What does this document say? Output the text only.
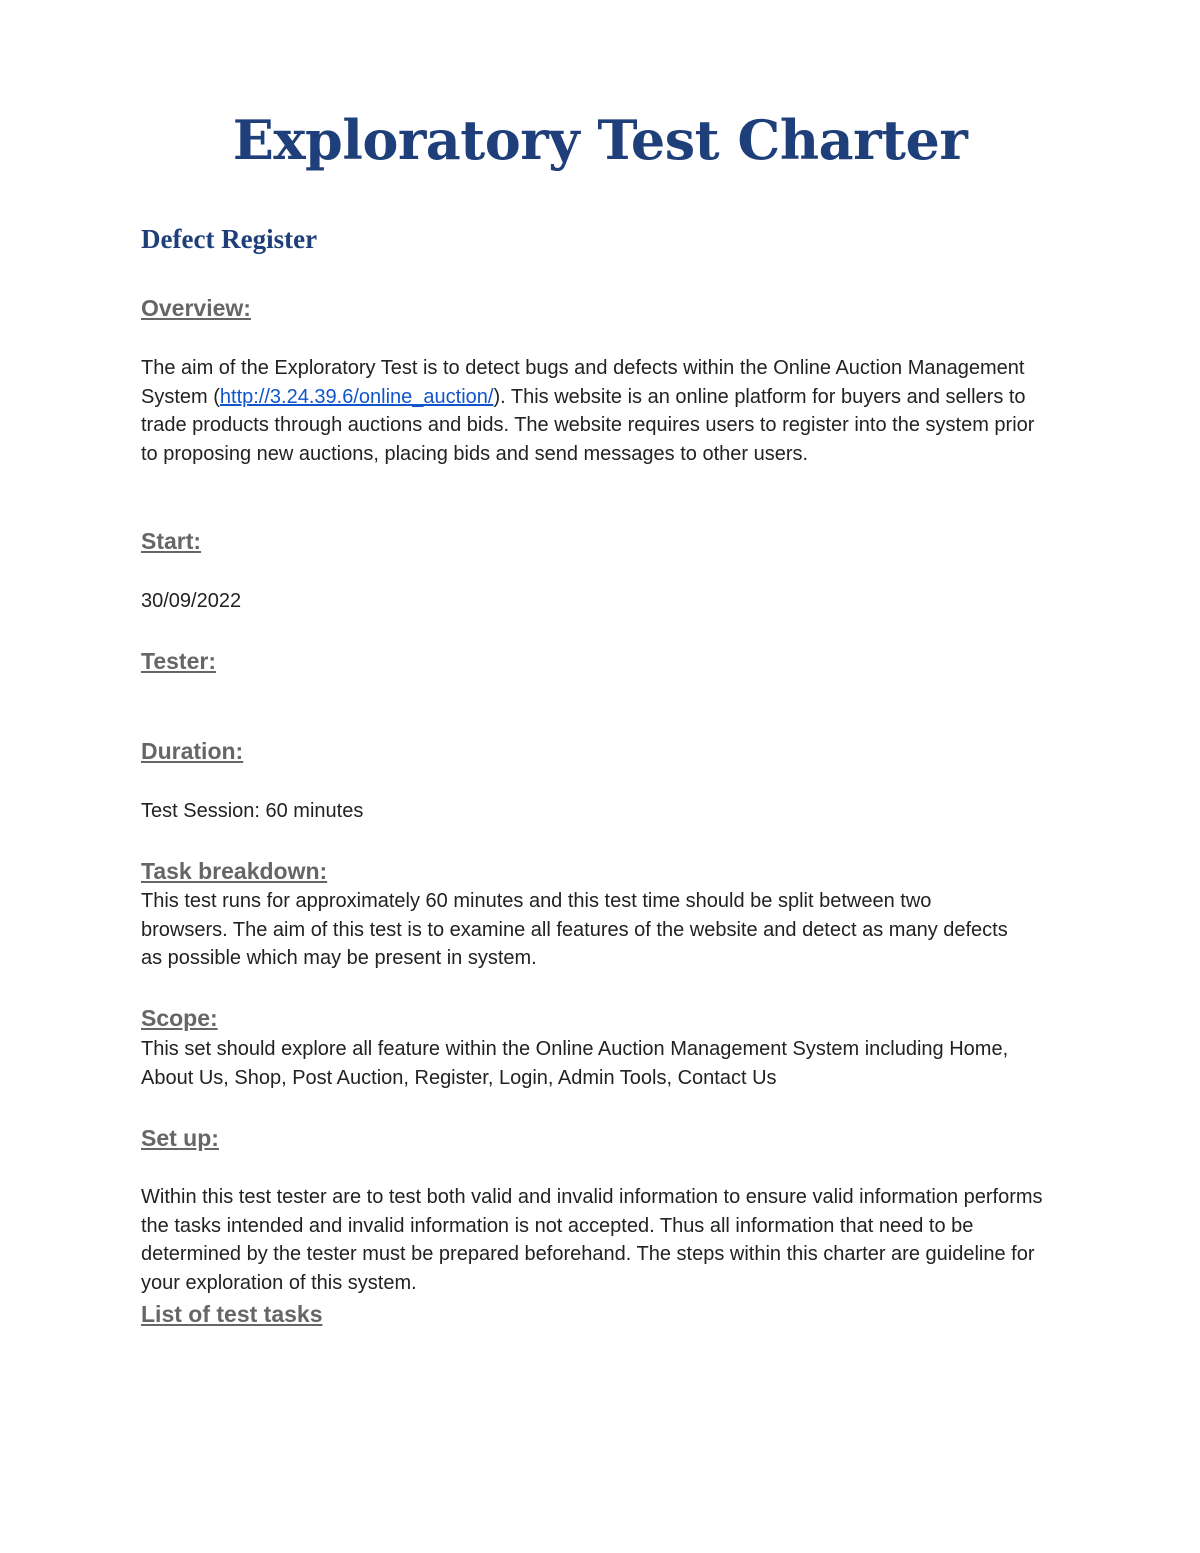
Exploratory Test Charter
Defect Register
Overview:

The aim of the Exploratory Test is to detect bugs and defects within the Online Auction Management System (http://3.24.39.6/online_auction/). This website is an online platform for buyers and sellers to trade products through auctions and bids. The website requires users to register into the system prior to proposing new auctions, placing bids and send messages to other users.

Start:

30/09/2022

Tester:

Duration:

Test Session: 60 minutes

Task breakdown:

This test runs for approximately 60 minutes and this test time should be split between two browsers. The aim of this test is to examine all features of the website and detect as many defects as possible which may be present in system.

Scope:

This set should explore all feature within the Online Auction Management System including Home, About Us, Shop, Post Auction, Register, Login, Admin Tools, Contact Us

Set up:

Within this test tester are to test both valid and invalid information to ensure valid information performs the tasks intended and invalid information is not accepted. Thus all information that need to be determined by the tester must be prepared beforehand. The steps within this charter are guideline for your exploration of this system.

List of test tasks
